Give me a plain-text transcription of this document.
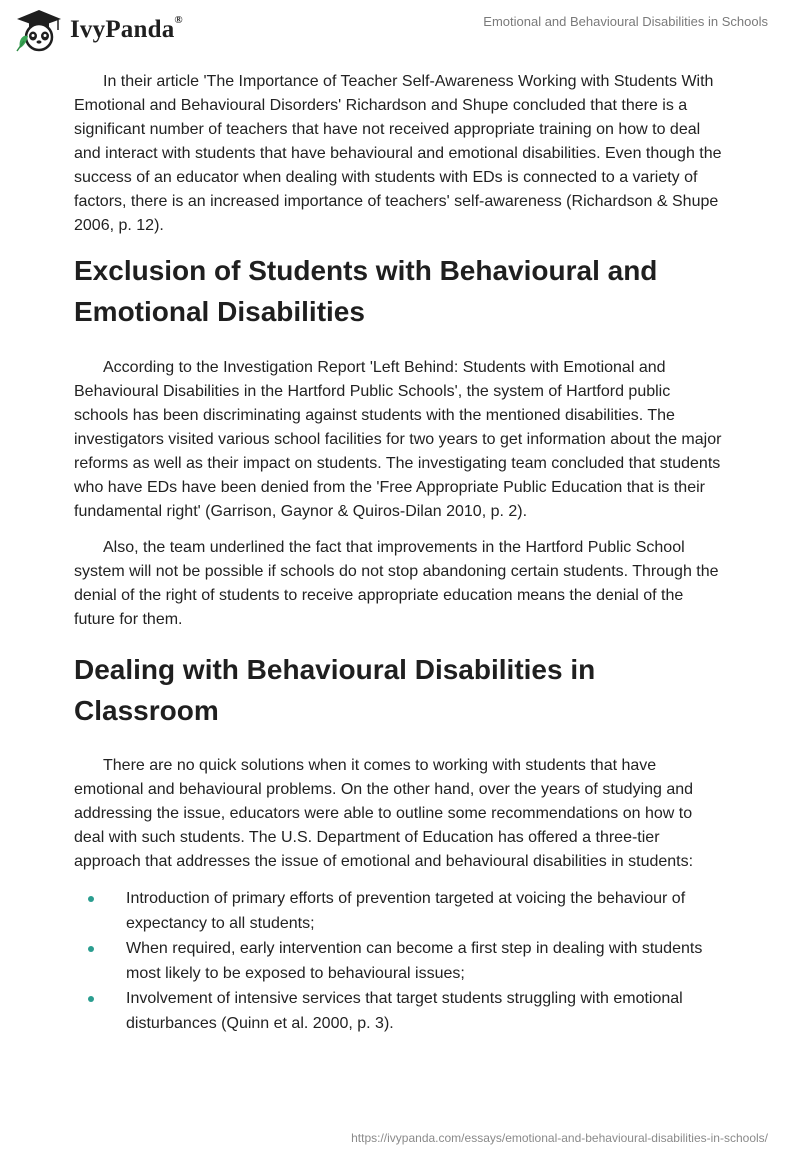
IvyPanda®	Emotional and Behavioural Disabilities in Schools

In their article 'The Importance of Teacher Self-Awareness Working with Students With Emotional and Behavioural Disorders' Richardson and Shupe concluded that there is a significant number of teachers that have not received appropriate training on how to deal and interact with students that have behavioural and emotional disabilities. Even though the success of an educator when dealing with students with EDs is connected to a variety of factors, there is an increased importance of teachers' self-awareness (Richardson & Shupe 2006, p. 12).

Exclusion of Students with Behavioural and Emotional Disabilities

According to the Investigation Report 'Left Behind: Students with Emotional and Behavioural Disabilities in the Hartford Public Schools', the system of Hartford public schools has been discriminating against students with the mentioned disabilities. The investigators visited various school facilities for two years to get information about the major reforms as well as their impact on students. The investigating team concluded that students who have EDs have been denied from the 'Free Appropriate Public Education that is their fundamental right' (Garrison, Gaynor & Quiros-Dilan 2010, p. 2).

Also, the team underlined the fact that improvements in the Hartford Public School system will not be possible if schools do not stop abandoning certain students. Through the denial of the right of students to receive appropriate education means the denial of the future for them.

Dealing with Behavioural Disabilities in Classroom

There are no quick solutions when it comes to working with students that have emotional and behavioural problems. On the other hand, over the years of studying and addressing the issue, educators were able to outline some recommendations on how to deal with such students. The U.S. Department of Education has offered a three-tier approach that addresses the issue of emotional and behavioural disabilities in students:

Introduction of primary efforts of prevention targeted at voicing the behaviour of expectancy to all students;
When required, early intervention can become a first step in dealing with students most likely to be exposed to behavioural issues;
Involvement of intensive services that target students struggling with emotional disturbances (Quinn et al. 2000, p. 3).
https://ivypanda.com/essays/emotional-and-behavioural-disabilities-in-schools/
